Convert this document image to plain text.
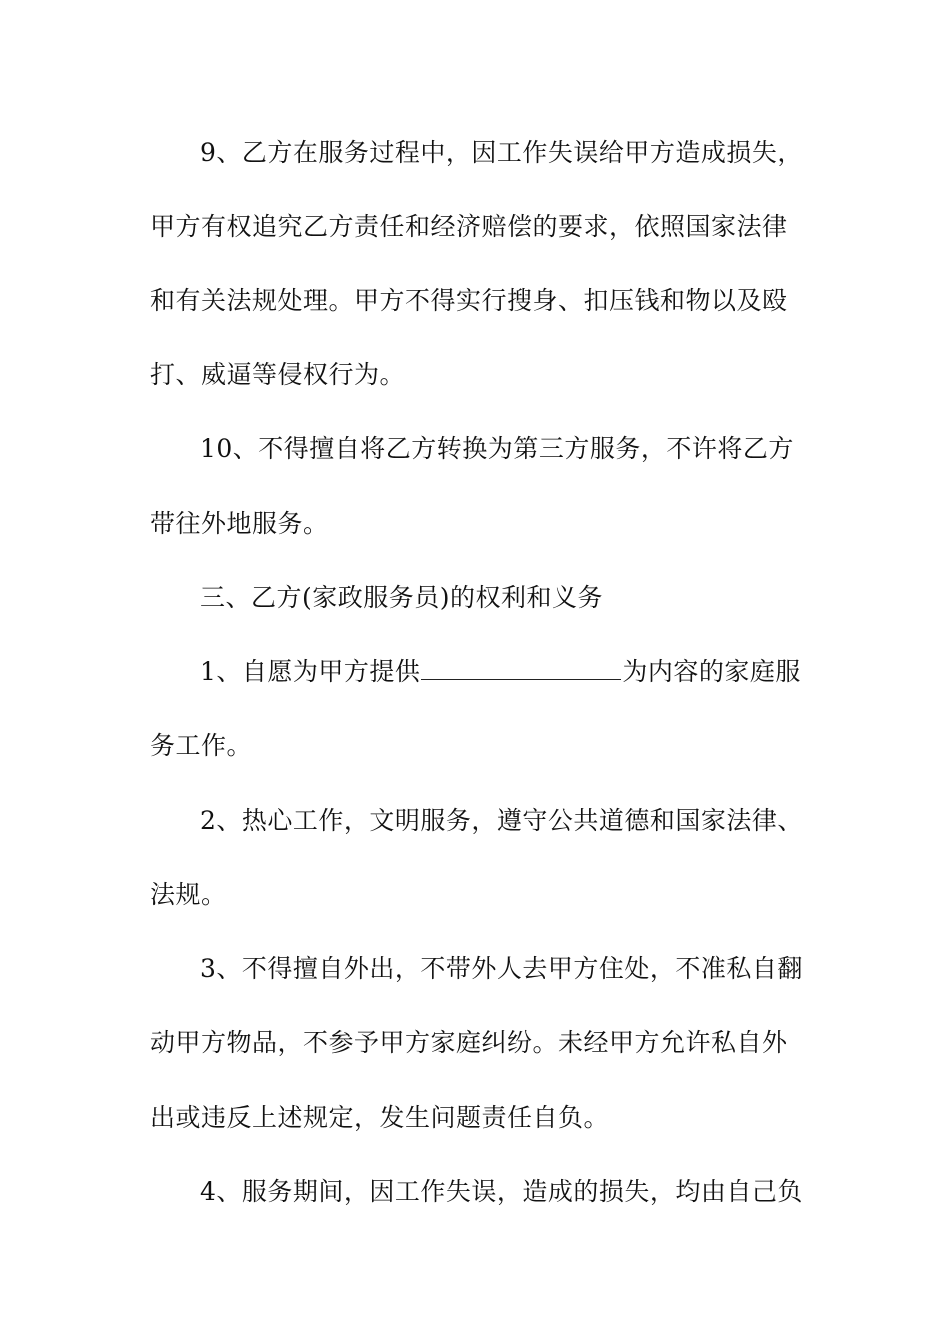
9、乙方在服务过程中，因工作失误给甲方造成损失，
甲方有权追究乙方责任和经济赔偿的要求，依照国家法律
和有关法规处理。甲方不得实行搜身、扣压钱和物以及殴
打、威逼等侵权行为。
10、不得擅自将乙方转换为第三方服务，不许将乙方
带往外地服务。
三、乙方(家政服务员)的权利和义务
1、自愿为甲方提供	为内容的家庭服
务工作。
2、热心工作，文明服务，遵守公共道德和国家法律、
法规。
3、不得擅自外出，不带外人去甲方住处，不准私自翻
动甲方物品，不参予甲方家庭纠纷。未经甲方允许私自外
出或违反上述规定，发生问题责任自负。
4、服务期间，因工作失误，造成的损失，均由自己负
